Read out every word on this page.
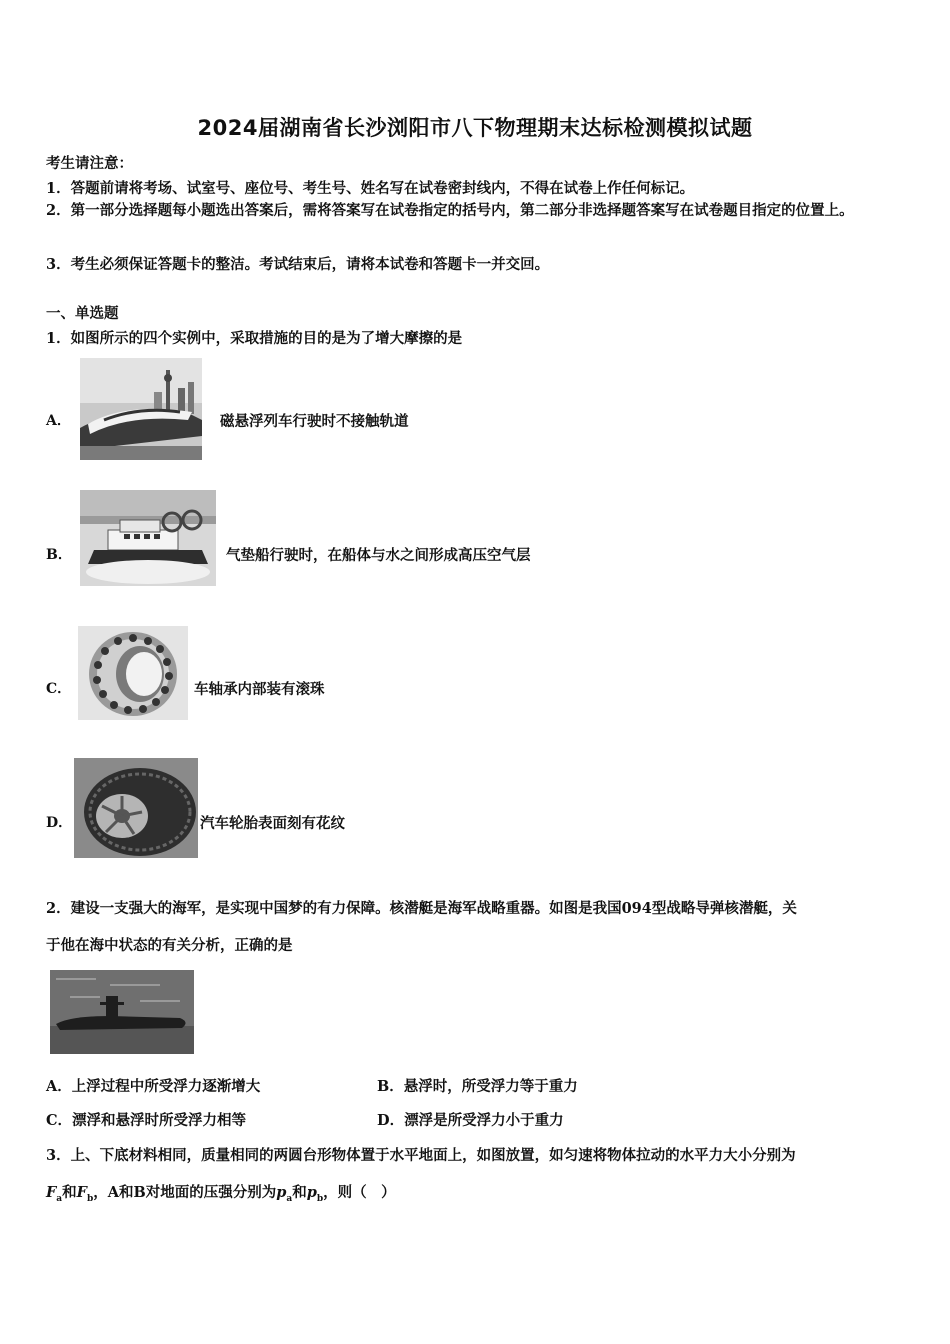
2024届湖南省长沙浏阳市八下物理期末达标检测模拟试题
考生请注意：
1．答题前请将考场、试室号、座位号、考生号、姓名写在试卷密封线内，不得在试卷上作任何标记。
2．第一部分选择题每小题选出答案后，需将答案写在试卷指定的括号内，第二部分非选择题答案写在试卷题目指定的位置上。
3．考生必须保证答题卡的整洁。考试结束后，请将本试卷和答题卡一并交回。
一、单选题
1．如图所示的四个实例中，采取措施的目的是为了增大摩擦的是
A．	磁悬浮列车行驶时不接触轨道
B．	气垫船行驶时，在船体与水之间形成高压空气层
C．	车轴承内部装有滚珠
D．	汽车轮胎表面刻有花纹
2．建设一支强大的海军，是实现中国梦的有力保障。核潜艇是海军战略重器。如图是我国094型战略导弹核潜艇，关
于他在海中状态的有关分析，正确的是
A．上浮过程中所受浮力逐渐增大	B．悬浮时，所受浮力等于重力
C．漂浮和悬浮时所受浮力相等	D．漂浮是所受浮力小于重力
3．上、下底材料相同，质量相同的两圆台形物体置于水平地面上，如图放置，如匀速将物体拉动的水平力大小分别为
$F_a$和$F_b$，A和B对地面的压强分别为$p_a$和$p_b$，则（　）
